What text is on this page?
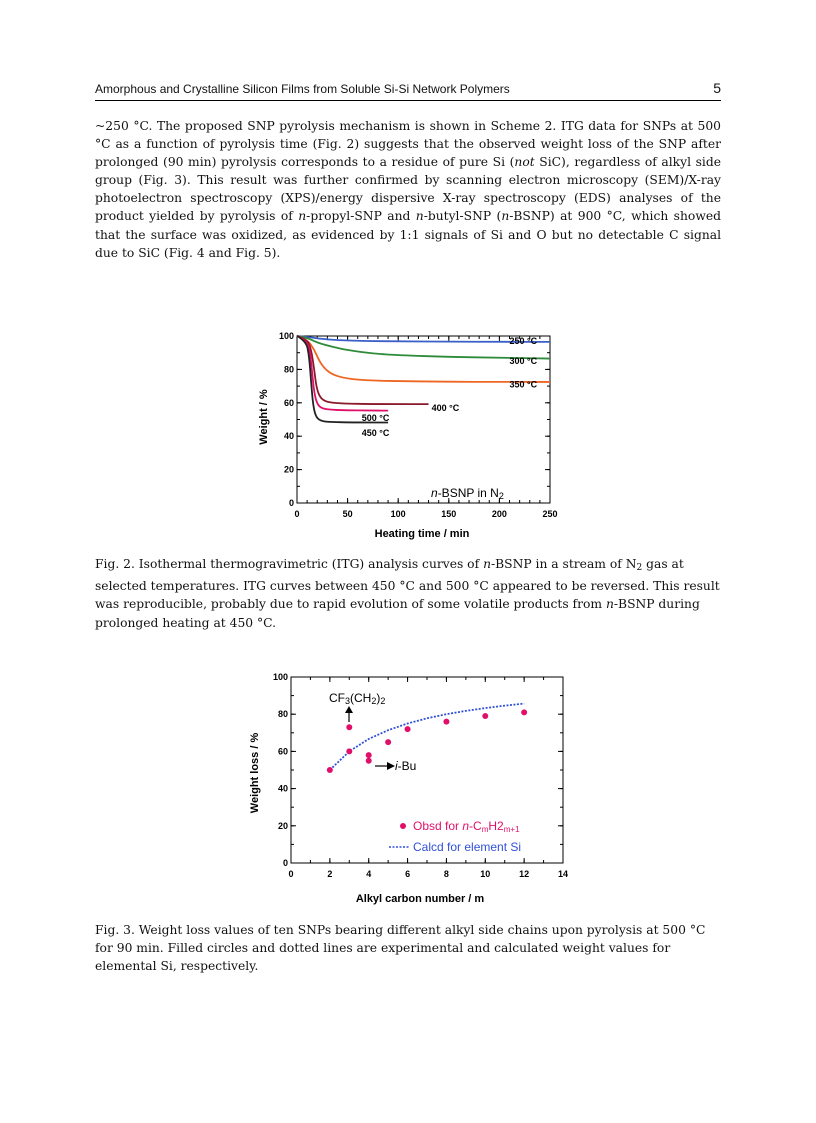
Amorphous and Crystalline Silicon Films from Soluble Si-Si Network Polymers	5

~250 °C. The proposed SNP pyrolysis mechanism is shown in Scheme 2. ITG data for SNPs at 500 °C as a function of pyrolysis time (Fig. 2) suggests that the observed weight loss of the SNP after prolonged (90 min) pyrolysis corresponds to a residue of pure Si (not SiC), regardless of alkyl side group (Fig. 3). This result was further confirmed by scanning electron microscopy (SEM)/X-ray photoelectron spectroscopy (XPS)/energy dispersive X-ray spectroscopy (EDS) analyses of the product yielded by pyrolysis of n-propyl-SNP and n-butyl-SNP (n-BSNP) at 900 °C, which showed that the surface was oxidized, as evidenced by 1:1 signals of Si and O but no detectable C signal due to SiC (Fig. 4 and Fig. 5).

0	50	100	150	200	250
0
20
40
60
80
100
250 °C
300 °C
350 °C
400 °C
500 °C
450 °C
n-BSNP in N2
Heating time / min
Weight / %
Fig. 2. Isothermal thermogravimetric (ITG) analysis curves of n-BSNP in a stream of $N_2$ gas at selected temperatures. ITG curves between 450 °C and 500 °C appeared to be reversed. This result was reproducible, probably due to rapid evolution of some volatile products from n-BSNP during prolonged heating at 450 °C.
0	2	4	6	8	10	12	14
0
20
40
60
80
100
CF3(CH2)2
i-Bu
Obsd for n-CmH2m+1
Calcd for element Si
Alkyl carbon number / m
Weight loss / %
Fig. 3. Weight loss values of ten SNPs bearing different alkyl side chains upon pyrolysis at 500 °C for 90 min. Filled circles and dotted lines are experimental and calculated weight values for elemental Si, respectively.
